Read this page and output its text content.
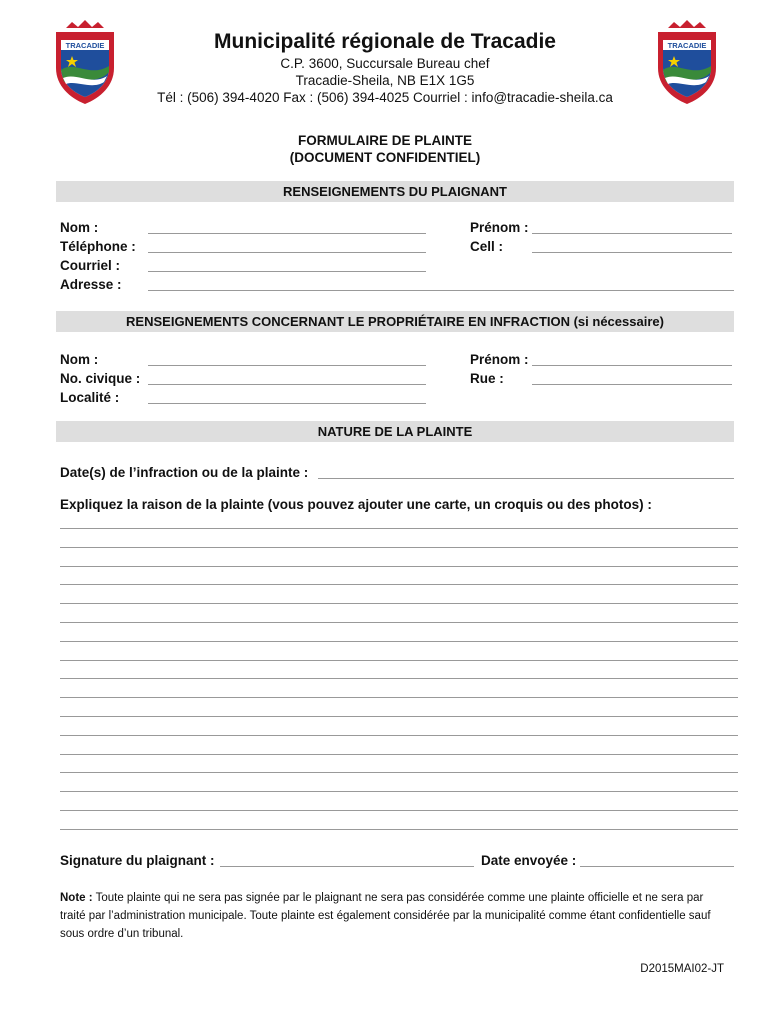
TRACADIE	TRACADIE
Municipalité régionale de Tracadie
C.P. 3600, Succursale Bureau chef
Tracadie-Sheila, NB E1X 1G5
Tél : (506) 394-4020 Fax : (506) 394-4025 Courriel : info@tracadie-sheila.ca
FORMULAIRE DE PLAINTE
(DOCUMENT CONFIDENTIEL)
RENSEIGNEMENTS DU PLAIGNANT
Nom :	Prénom :
Téléphone :	Cell :
Courriel :
Adresse :
RENSEIGNEMENTS CONCERNANT LE PROPRIÉTAIRE EN INFRACTION (si nécessaire)
Nom :	Prénom :
No. civique :	Rue :
Localité :
NATURE DE LA PLAINTE
Date(s) de l’infraction ou de la plainte :
Expliquez la raison de la plainte (vous pouvez ajouter une carte, un croquis ou des photos) :
Signature du plaignant :	Date envoyée :
Note : Toute plainte qui ne sera pas signée par le plaignant ne sera pas considérée comme une plainte officielle et ne sera par traité par l’administration municipale. Toute plainte est également considérée par la municipalité comme étant confidentielle sauf sous ordre d’un tribunal.
D2015MAI02-JT
